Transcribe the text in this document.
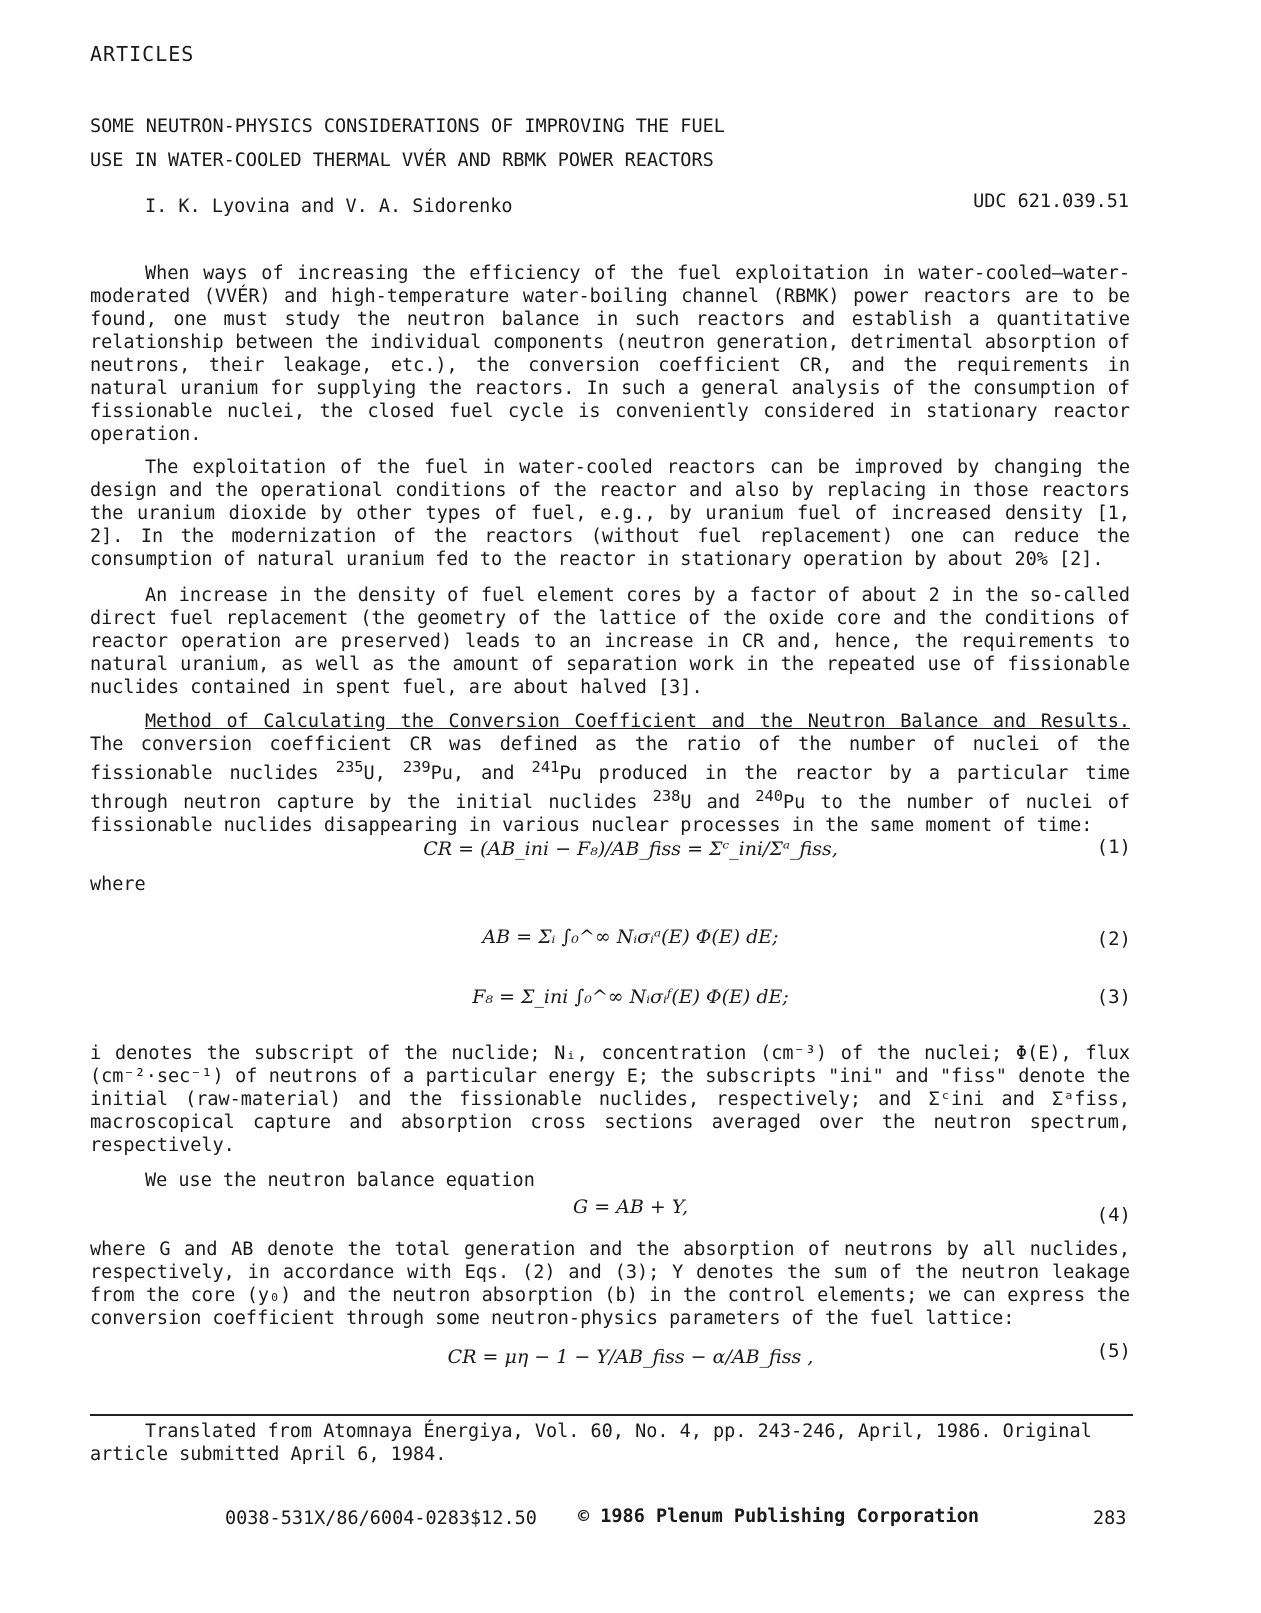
ARTICLES
SOME NEUTRON-PHYSICS CONSIDERATIONS OF IMPROVING THE FUEL
USE IN WATER-COOLED THERMAL VVÉR AND RBMK POWER REACTORS
I. K. Lyovina and V. A. Sidorenko	UDC 621.039.51
When ways of increasing the efficiency of the fuel exploitation in water-cooled—water-moderated (VVÉR) and high-temperature water-boiling channel (RBMK) power reactors are to be found, one must study the neutron balance in such reactors and establish a quantitative relationship between the individual components (neutron generation, detrimental absorption of neutrons, their leakage, etc.), the conversion coefficient CR, and the requirements in natural uranium for supplying the reactors. In such a general analysis of the consumption of fissionable nuclei, the closed fuel cycle is conveniently considered in stationary reactor operation.
The exploitation of the fuel in water-cooled reactors can be improved by changing the design and the operational conditions of the reactor and also by replacing in those reactors the uranium dioxide by other types of fuel, e.g., by uranium fuel of increased density [1, 2]. In the modernization of the reactors (without fuel replacement) one can reduce the consumption of natural uranium fed to the reactor in stationary operation by about 20% [2].
An increase in the density of fuel element cores by a factor of about 2 in the so-called direct fuel replacement (the geometry of the lattice of the oxide core and the conditions of reactor operation are preserved) leads to an increase in CR and, hence, the requirements to natural uranium, as well as the amount of separation work in the repeated use of fissionable nuclides contained in spent fuel, are about halved [3].
Method of Calculating the Conversion Coefficient and the Neutron Balance and Results. The conversion coefficient CR was defined as the ratio of the number of nuclei of the fissionable nuclides $^{235}$U, $^{239}$Pu, and $^{241}$Pu produced in the reactor by a particular time through neutron capture by the initial nuclides $^{238}$U and $^{240}$Pu to the number of nuclei of fissionable nuclides disappearing in various nuclear processes in the same moment of time:
CR = (AB_ini − F₈)/AB_fiss = Σᶜ_ini/Σᵃ_fiss,	(1)
where
AB = Σᵢ ∫₀^∞ Nᵢσᵢᵃ(E) Φ(E) dE;	(2)
F₈ = Σ_ini ∫₀^∞ Nᵢσᵢᶠ(E) Φ(E) dE;	(3)
i denotes the subscript of the nuclide; Nᵢ, concentration (cm⁻³) of the nuclei; Φ(E), flux (cm⁻²·sec⁻¹) of neutrons of a particular energy E; the subscripts "ini" and "fiss" denote the initial (raw-material) and the fissionable nuclides, respectively; and Σᶜini and Σᵃfiss, macroscopical capture and absorption cross sections averaged over the neutron spectrum, respectively.
We use the neutron balance equation
G = AB + Y,	(4)
where G and AB denote the total generation and the absorption of neutrons by all nuclides, respectively, in accordance with Eqs. (2) and (3); Y denotes the sum of the neutron leakage from the core (y₀) and the neutron absorption (b) in the control elements; we can express the conversion coefficient through some neutron-physics parameters of the fuel lattice:
CR = μη − 1 − Y/AB_fiss − α/AB_fiss ,	(5)
Translated from Atomnaya Énergiya, Vol. 60, No. 4, pp. 243-246, April, 1986. Original article submitted April 6, 1984.
0038-531X/86/6004-0283$12.50 © 1986 Plenum Publishing Corporation	283
